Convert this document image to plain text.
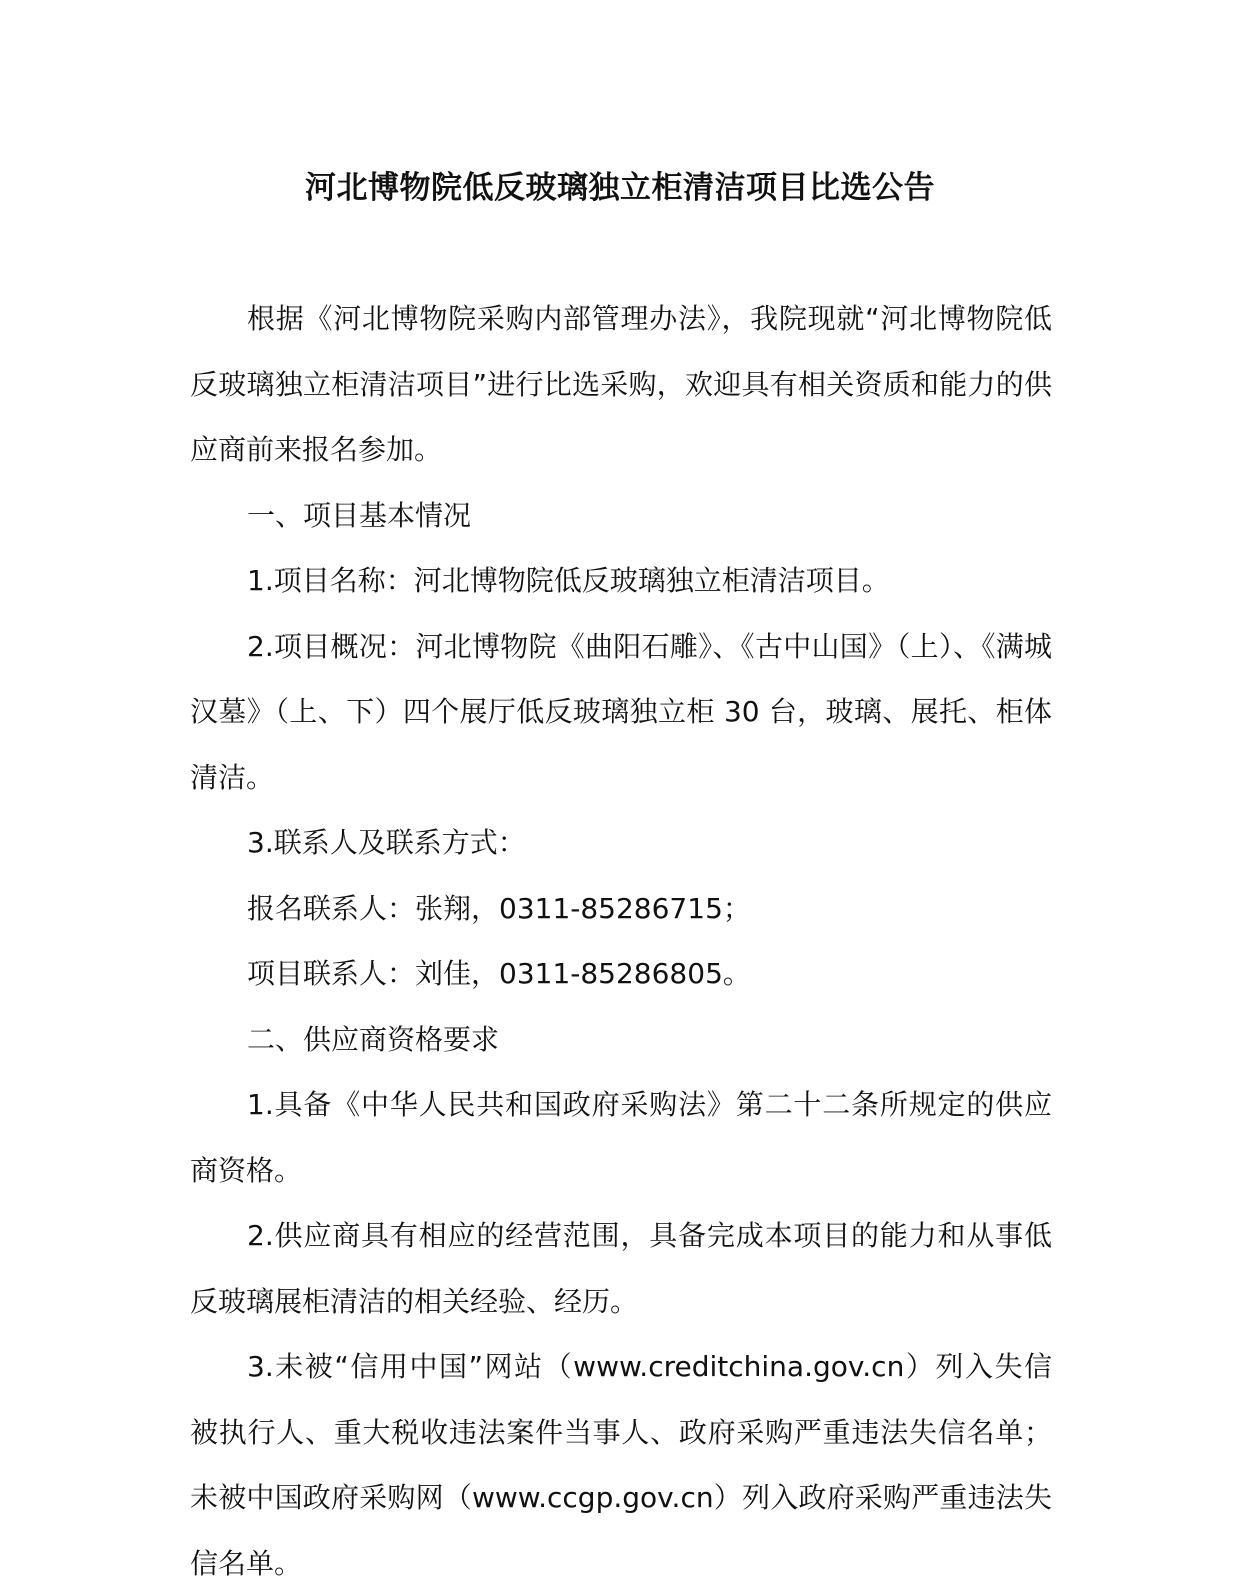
河北博物院低反玻璃独立柜清洁项目比选公告

根据《河北博物院采购内部管理办法》，我院现就“河北博物院低反玻璃独立柜清洁项目”进行比选采购，欢迎具有相关资质和能力的供应商前来报名参加。

一、项目基本情况

1.项目名称：河北博物院低反玻璃独立柜清洁项目。

2.项目概况：河北博物院《曲阳石雕》、《古中山国》（上）、《满城汉墓》（上、下）四个展厅低反玻璃独立柜 30 台，玻璃、展托、柜体清洁。

3.联系人及联系方式：

报名联系人：张翔，0311-85286715；

项目联系人：刘佳，0311-85286805。

二、供应商资格要求

1.具备《中华人民共和国政府采购法》第二十二条所规定的供应商资格。

2.供应商具有相应的经营范围，具备完成本项目的能力和从事低反玻璃展柜清洁的相关经验、经历。

3.未被“信用中国”网站（www.creditchina.gov.cn）列入失信被执行人、重大税收违法案件当事人、政府采购严重违法失信名单；未被中国政府采购网（www.ccgp.gov.cn）列入政府采购严重违法失信名单。
